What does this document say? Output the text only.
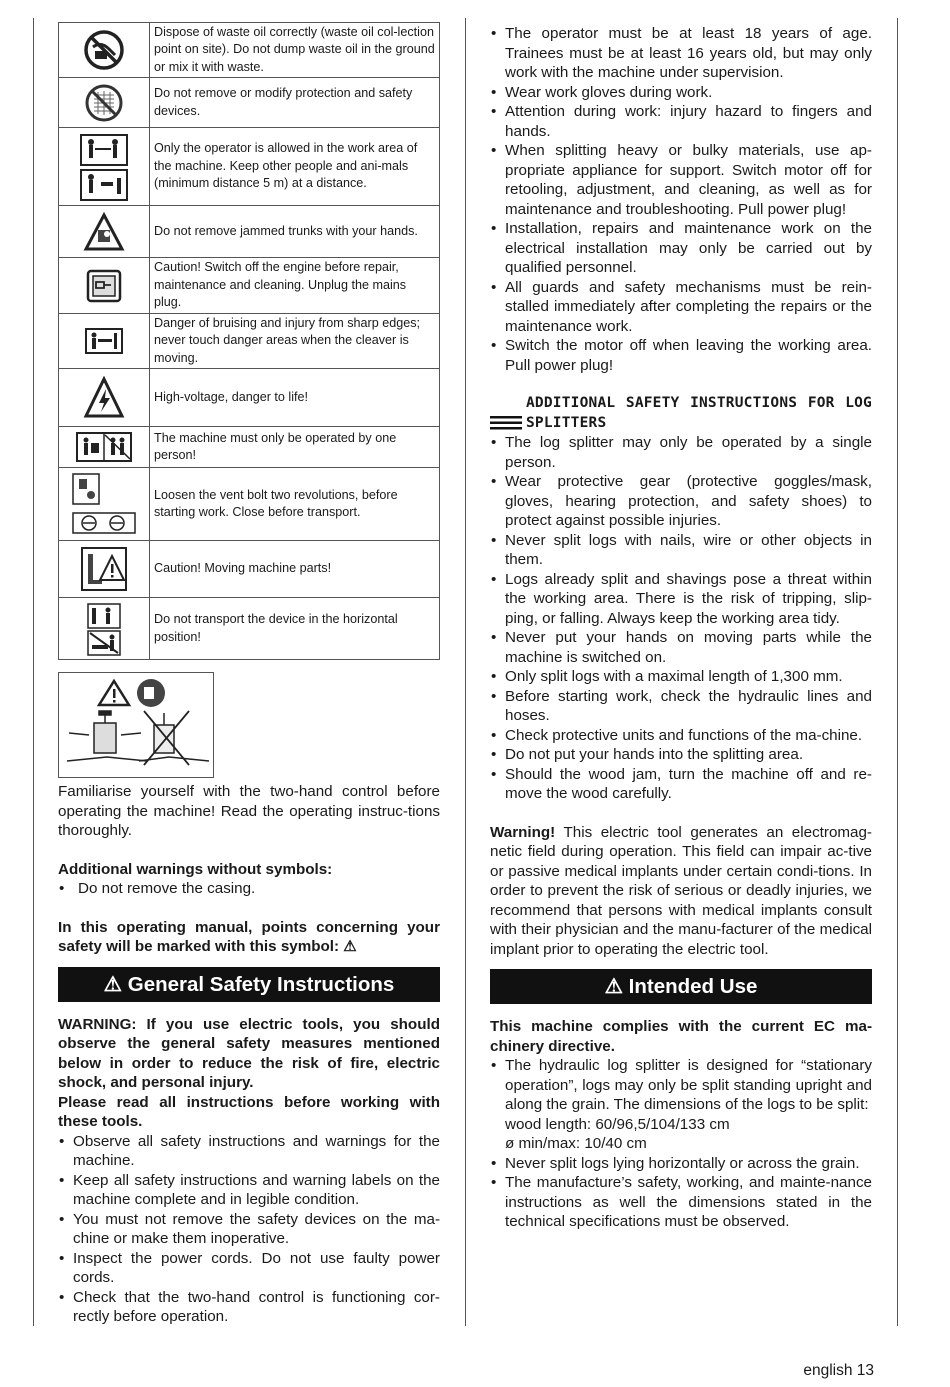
	Dispose of waste oil correctly (waste oil col-lection point on site). Do not dump waste oil in the ground or mix it with waste.

	Do not remove or modify protection and safety devices.

	Only the operator is allowed in the work area of the machine. Keep other people and ani-mals (minimum distance 5 m) at a distance.

	Do not remove jammed trunks with your hands.

	Caution! Switch off the engine before repair, maintenance and cleaning. Unplug the mains plug.

	Danger of bruising and injury from sharp edges; never touch danger areas when the cleaver is moving.

	High-voltage, danger to life!

	The machine must only be operated by one person!

	Loosen the vent bolt two revolutions, before starting work. Close before transport.

	Caution! Moving machine parts!

	Do not transport the device in the horizontal position!

Familiarise yourself with the two-hand control before operating the machine! Read the operating instruc-tions thoroughly.

Additional warnings without symbols:

• Do not remove the casing.

In this operating manual, points concerning your safety will be marked with this symbol: ⚠

⚠ General Safety Instructions

WARNING: If you use electric tools, you should observe the general safety measures mentioned below in order to reduce the risk of fire, electric shock, and personal injury.

Please read all instructions before working with these tools.

• Observe all safety instructions and warnings for the machine.
• Keep all safety instructions and warning labels on the machine complete and in legible condition.
• You must not remove the safety devices on the ma-chine or make them inoperative.
• Inspect the power cords. Do not use faulty power cords.
• Check that the two-hand control is functioning cor-rectly before operation.
• The operator must be at least 18 years of age. Trainees must be at least 16 years old, but may only work with the machine under supervision.
• Wear work gloves during work.
• Attention during work: injury hazard to fingers and hands.
• When splitting heavy or bulky materials, use ap-propriate appliance for support. Switch motor off for retooling, adjustment, and cleaning, as well as for maintenance and troubleshooting. Pull power plug!
• Installation, repairs and maintenance work on the electrical installation may only be carried out by qualified personnel.
• All guards and safety mechanisms must be rein-stalled immediately after completing the repairs or the maintenance work.
• Switch the motor off when leaving the working area. Pull power plug!
ADDITIONAL SAFETY INSTRUCTIONS FOR LOG SPLITTERS
• The log splitter may only be operated by a single person.
• Wear protective gear (protective goggles/mask, gloves, hearing protection, and safety shoes) to protect against possible injuries.
• Never split logs with nails, wire or other objects in them.
• Logs already split and shavings pose a threat within the working area. There is the risk of tripping, slip-ping, or falling. Always keep the working area tidy.
• Never put your hands on moving parts while the machine is switched on.
• Only split logs with a maximal length of 1,300 mm.
• Before starting work, check the hydraulic lines and hoses.
• Check protective units and functions of the ma-chine.
• Do not put your hands into the splitting area.
• Should the wood jam, turn the machine off and re-move the wood carefully.

Warning! This electric tool generates an electromag-netic field during operation. This field can impair ac-tive or passive medical implants under certain condi-tions. In order to prevent the risk of serious or deadly injuries, we recommend that persons with medical implants consult with their physician and the manu-facturer of the medical implant prior to operating the electric tool.

⚠ Intended Use

This machine complies with the current EC ma-chinery directive.

• The hydraulic log splitter is designed for “stationary operation”, logs may only be split standing upright and along the grain. The dimensions of the logs to be split:
wood length: 60/96,5/104/133 cm
ø min/max: 10/40 cm
• Never split logs lying horizontally or across the grain.
• The manufacture’s safety, working, and mainte-nance instructions as well the dimensions stated in the technical specifications must be observed.
english 13
